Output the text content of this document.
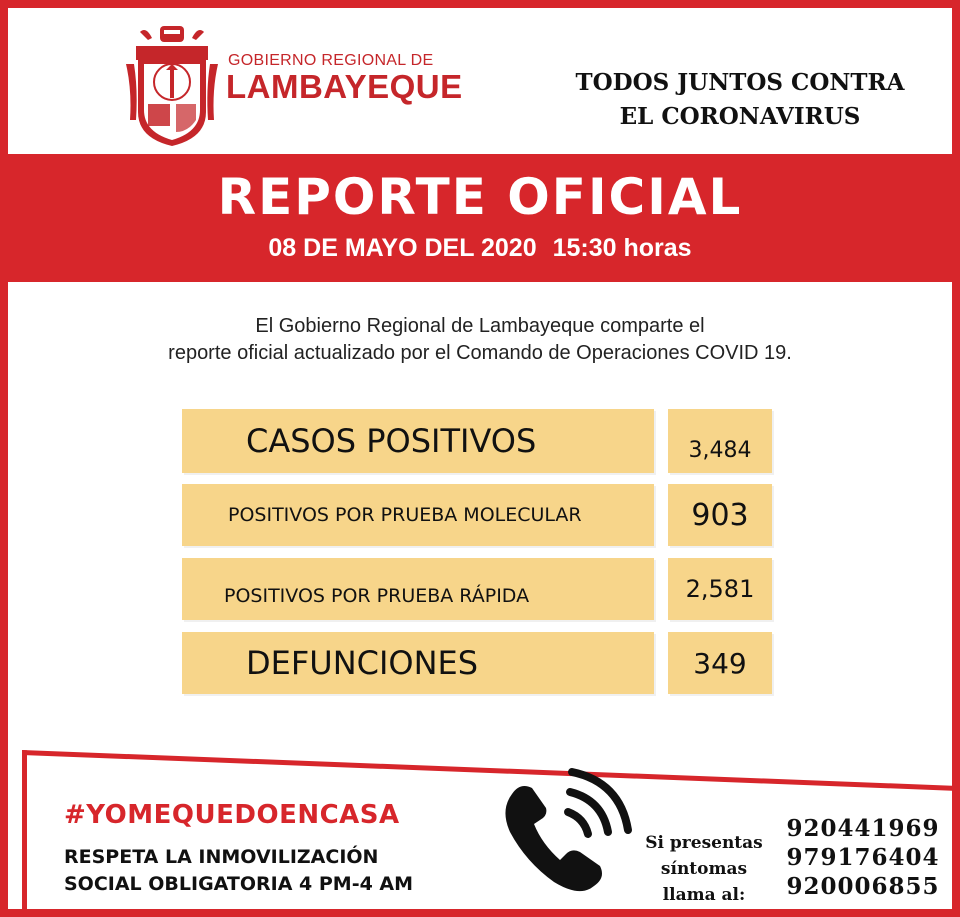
GOBIERNO REGIONAL DE
LAMBAYEQUE	TODOS JUNTOS CONTRA
EL CORONAVIRUS
REPORTE OFICIAL
08 DE MAYO DEL 2020 15:30 horas
El Gobierno Regional de Lambayeque comparte el
reporte oficial actualizado por el Comando de Operaciones COVID 19.
CASOS POSITIVOS	3,484
POSITIVOS POR PRUEBA MOLECULAR	903
POSITIVOS POR PRUEBA RÁPIDA	2,581
DEFUNCIONES	349
#YOMEQUEDOENCASA
RESPETA LA INMOVILIZACIÓN
SOCIAL OBLIGATORIA 4 PM-4 AM
Si presentas
síntomas
llama al:
920441969
979176404
920006855
